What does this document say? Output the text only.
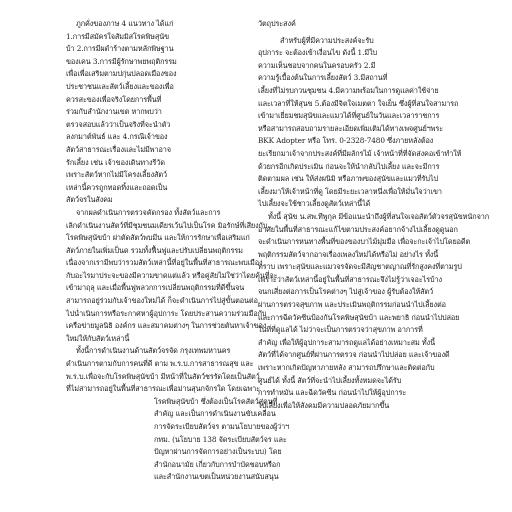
ภูกคั่งของภาษ 4 แนวทาง ได้แก่
1.การมีสมัครใจสัมมิสโรคพิษสุนัข
บ้า 2.การมีผดำร้างตามหลักพิษฐาน
ของเคน 3.การมีผู้รักษาพยพฤติกรรม
เพื่อเพื่อเสริมตามปกุ่นปลอดเมืองของ
ประชาชนและสัตว์เลี้ยงและของเพื่อ
ควรสะของเพื่อจริงโดยการพื้นที่
ร่วมกับสำนักงานเขต หากพบว่า
ตรวจสอบแล้วว่าเป็นจริงที่จะนำตัว
ลงกมาต์พันธ์ และ 4.กรณีเจ้าของ
สัตว์สาธารณะเรื่องและไม่มีพาอาจ
รักเลี้ยง เช่น เจ้าของเดินทางรีวัด
เพราะสัตว์หากไม่มีโครงเลี้ยงสัตว์
เหล่านี้ควรถูกทอดทิ้งและถอดเป็น
สัตว์จรในสังคม
จากผลดำเนินการตรวจคัดกรอง ทั้งสัตว์และการ
เลิกดำเนินงานสัตว์ที่มีชุมชนมเดียรเว้นไปเป็นโรค มิอรักษ์ที่เสียงกับ
โรคพิษสุนัขบ้า ฝาตัดสัตว์พบมีน และให้การรักษาเพื่อเสริมแก่
สัตว์ภายในเพิ่มเป็นด รวมทั้งฟื้นฟูและปรับเปลี่ยนพฤติกรรม
เนื่องจากเรามีพบว่ารวมสัตว์เหล่านี้ที่อยู่ในพื้นที่สาธารณะพบเมือง
กับอะไรมาประจะของมีความขาดแต่แล้ว หรือคู่สัยไม่ใช่ว่าไดยค้นที่จะ
เข้ามาฤลุ และเมื่อพื้นฟูพลวกการเปลี่ยนพฤติกรรมที่ดีขึ้นจน
สามารถอยู่ร่วมกับเจ้าของใหม่ได้ ก็จะดำเนินการไปสู่ขั้นตอนต่อ
ไปน่ำเนินการหรือระกาศหาผู้อุปการะ โดยประสานความร่วมมือกับ
เครือข่ายมูลนิธิ องค์กร และสมาคมต่างๆ ในการช่วยตันหาเจ้าของ
ใหม่ให้กับสัตว์เหล่านี้
ทั้งนี้การดำเนินงานด้านสัตว์จรจัด กรุงเทพมหานคร
ดำเนินการตามกับการคนที่ดี ตาม พ.ร.บ.การสาธารณสุข และ
พ.ร.บ.เพื่อจะกับโรคพิษสุนัขบ้า มีหน้าที่ในสัตว์ชรรัดโดยเป็นสัตว์
ที่ไม่สามารถอยู่ในพื้นที่สาธารณะเพื่อม่านสุนกจักรใด โดยเฉพาะ
โรคพิษสุนัขบ้า ซึ่งต้องเป็นโรคสัตว์สู่คนที่
สำคัญ และเป็นการดำเนินงานขับเคลื่อน
การจัดระเบียบสัตว์จร ตามนโยบายของผู้ว่าฯ
กทม. (นโยบาย 138 จัดระเบียบสัตว์จร และ
ปัญหาผ่านการจัดการอย่างเป็นระบบ) โดย
สำนักอนามัย เกี่ยวกับการบำบัดชอบหรือก
และสำนักงานเขตเป็นหน่วยงานสนับสนุน
วัตถุประสงค์
สำหรับผู้ที่มีความประสงค์จะรับ
อุปการะ จะต้องเข้าเงื่อนไข ดังนี้ 1.มีใบ
ความเห็นชอบจากคนในครอบครัว 2.มี
ความรู้เบื้องต้นในการเลี้ยงสัตว์ 3.มีสถานที่
เลี้ยงที่ไม่รบกวนชุมชน 4.มีความพร้อมในการดูแลค่าใช้จ่าย
และเวลาที่ให้สุนข 5.ต้องมีจิตใจเมตตา ใจเย็น ซึ่งผู้ที่สนใจสามารถ
เข้ามาเยี่ยมชมสุนัขและแมวได้ที่ศูนย์ในวันและเวลาราชการ
หรือสามารถสอบถามรายละเอียดเพิ่มเติมได้ทางเพจศูนย์ฯพระ
BKK Adopter หรือ โทร. 0-2328-7480 ซึ่งภายหลังต้อง
ยะเรียกมาเจ้าจากประสงค์ที่มีผลักรไม้ เจ้าหน้าที่ที่จัดส่งคอเข้าทำให้
ด้วยกรอีกเกิดประเมิน ก่อนจะให้นำกลับไปเลี้ยง และจะมีการ
ติดตามผล เช่น ให้ส่งผนิมิ หรือภาพของสุนัขและแมวที่รับไป
เลี้ยงมาให้เจ้าหน้าที่ดู โดยมีระยะเวลาหนึ่งเพื่อให้มั่นใจว่าเขา
ไปเลี้ยงจะใช้ชาวเลี้ยงดูสัตว์เหล่านี้ได้
ทั้งนี้ สุนัข น.สพ.ทีพูกุล มีข้อแนะนำถึงผู้ที่สนใจเจอสัตว์ตัวจรสุนัขหนักจาก
อาศัยในพื้นที่สาธารณะแก้ไขตามประสงค์อยากจ้างไปเลี้ยงดูดูนอก
จะดำเนินการหนทางพื้นที่ของของบาไม้มุ่มมือ เพื่อจะกะเจ้าไปโดยอดีต
พฤติกรรมสัตว์จากอาจเรื่องเพลงใหม่ได้หรือไม่ อย่างไร ทั้งนี้
ทราบ เพราะสุนัขและแมวจรจัดจะมีสัญชาตญาณที่รักสูงคงที่ตามรูป
เพราะว่าสัตว์เหล่านี้อยู่ในพื้นที่สาธารณะจึงไม่รู้ว่าเจอะไรบ้าง
จนกเสี่ยงต่อการเป็นโรคต่างๆ ไปสู่เจ้าของ ผู้รับต้องให้สัตว์
ผ่านการตรวจสุขภาพ และประเมินพฤติกรรมก่อนนำไปเลี้ยงต่อ
และการฉีดวัคซีนป้องกันโรคพิษสุนัขบ้า และพยาธิ ก่อนนำไปปล่อย
ในที่ที่ดูแลได้ ไม่ว่าจะเป็นการตรวจว่าสุขภาพ อาการที่
สำคัญ เพื่อให้ผู้อุปการะสามารถดูแลได้อย่างเหมาะสม ทั้งนี้
สัตว์ที่ได้จากศูนย์ที่ผ่านการตรวจ ก่อนนำไปปล่อย และเจ้าของดี
เพราะหากเกิดปัญหาภายหลัง สามารถปรึกษาและติดต่อกับ
ศูนย์ได้ ทั้งนี้ สัตว์ที่จะนำไปเลี้ยงทั้งหมดจะได้รับ
การทำหมัน และฉีดวัคซีน ก่อนนำไปให้ผู้อุปการะ
ไปเลี้ยงเพื่อให้สังคมมีความปลอดภัยมากขึ้น
